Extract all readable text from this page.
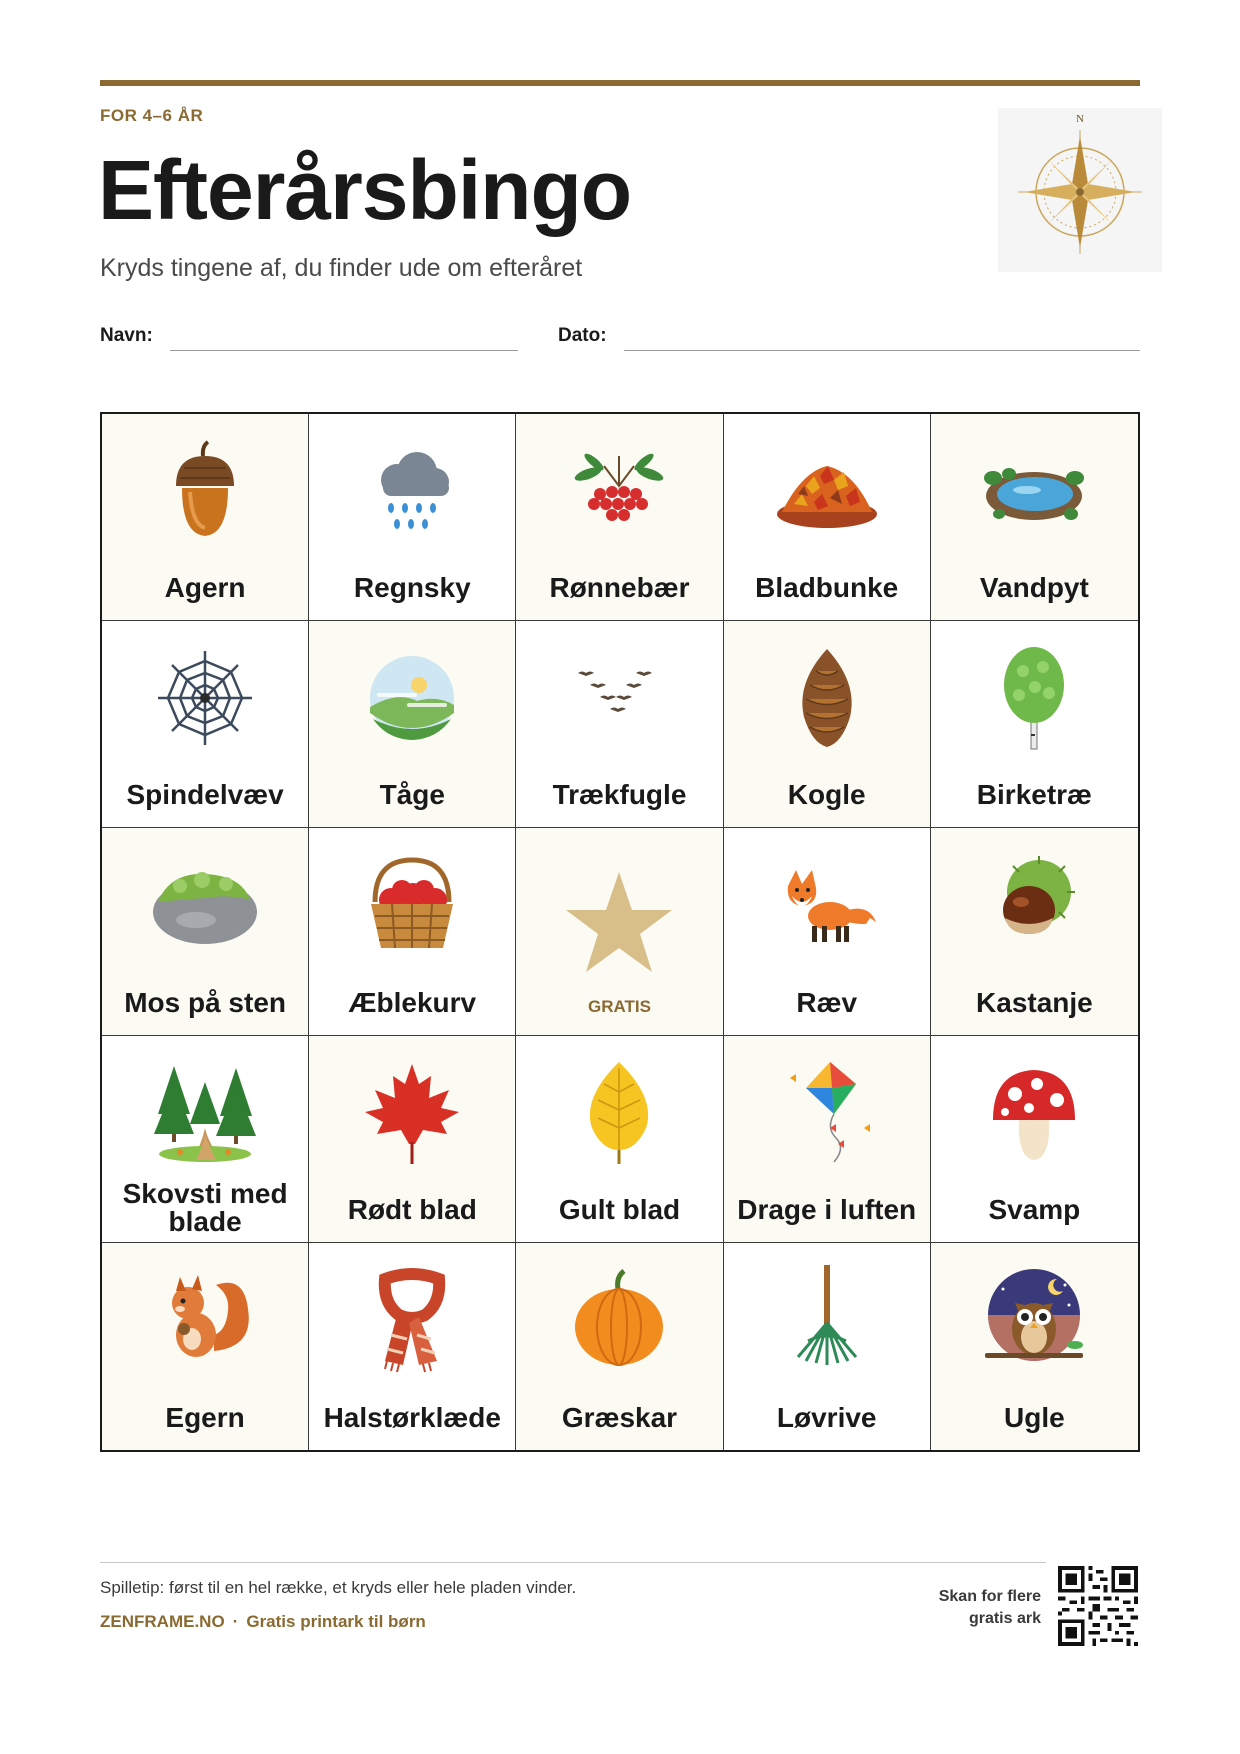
FOR 4–6 ÅR
Efterårsbingo
Kryds tingene af, du finder ude om efteråret
N
Navn:	Dato:
Agern	Regnsky	Rønnebær	Bladbunke	Vandpyt
Spindelvæv	Tåge	Trækfugle	Kogle	Birketræ
Mos på sten	Æblekurv	GRATIS	Ræv	Kastanje
Skovsti med blade	Rødt blad	Gult blad	Drage i luften	Svamp
Egern	Halstørklæde	Græskar	Løvrive	Ugle
Spilletip: først til en hel række, et kryds eller hele pladen vinder.
ZENFRAME.NO · Gratis printark til børn
Skan for flere
gratis ark
